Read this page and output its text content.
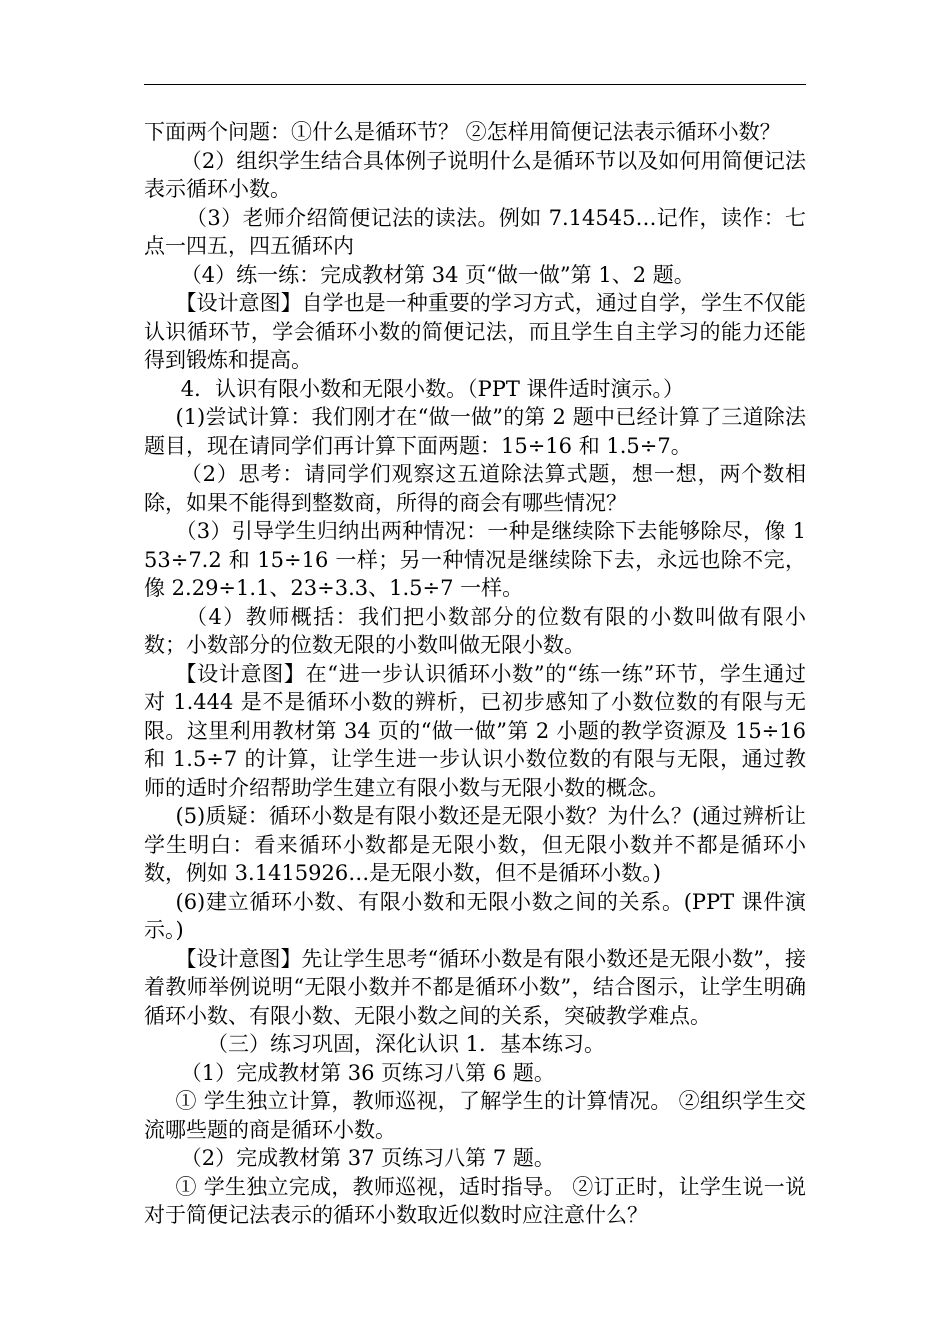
下面两个问题：①什么是循环节？ ②怎样用简便记法表示循环小数？

（2）组织学生结合具体例子说明什么是循环节以及如何用简便记法表示循环小数。

（3）老师介绍简便记法的读法。例如 7.14545…记作，读作：七点一四五，四五循环内

（4）练一练：完成教材第 34 页“做一做”第 1、2 题。

【设计意图】自学也是一种重要的学习方式，通过自学，学生不仅能认识循环节，学会循环小数的简便记法，而且学生自主学习的能力还能得到锻炼和提高。

4．认识有限小数和无限小数。（PPT 课件适时演示。）

(1)尝试计算：我们刚才在“做一做”的第 2 题中已经计算了三道除法题目，现在请同学们再计算下面两题：15÷16 和 1.5÷7。

（2）思考：请同学们观察这五道除法算式题，想一想，两个数相除，如果不能得到整数商，所得的商会有哪些情况？

（3）引导学生归纳出两种情况：一种是继续除下去能够除尽，像 153÷7.2 和 15÷16 一样；另一种情况是继续除下去，永远也除不完，像 2.29÷1.1、23÷3.3、1.5÷7 一样。

（4）教师概括：我们把小数部分的位数有限的小数叫做有限小数；小数部分的位数无限的小数叫做无限小数。

【设计意图】在“进一步认识循环小数”的“练一练”环节，学生通过对 1.444 是不是循环小数的辨析，已初步感知了小数位数的有限与无限。这里利用教材第 34 页的“做一做”第 2 小题的教学资源及 15÷16 和 1.5÷7 的计算，让学生进一步认识小数位数的有限与无限，通过教师的适时介绍帮助学生建立有限小数与无限小数的概念。

(5)质疑：循环小数是有限小数还是无限小数？为什么？(通过辨析让学生明白：看来循环小数都是无限小数，但无限小数并不都是循环小数，例如 3.1415926…是无限小数，但不是循环小数。)

(6)建立循环小数、有限小数和无限小数之间的关系。(PPT 课件演示。)

【设计意图】先让学生思考“循环小数是有限小数还是无限小数”，接着教师举例说明“无限小数并不都是循环小数”，结合图示，让学生明确循环小数、有限小数、无限小数之间的关系，突破教学难点。

（三）练习巩固，深化认识 1．基本练习。

（1）完成教材第 36 页练习八第 6 题。

① 学生独立计算，教师巡视，了解学生的计算情况。 ②组织学生交流哪些题的商是循环小数。

（2）完成教材第 37 页练习八第 7 题。

① 学生独立完成，教师巡视，适时指导。 ②订正时，让学生说一说对于简便记法表示的循环小数取近似数时应注意什么？
